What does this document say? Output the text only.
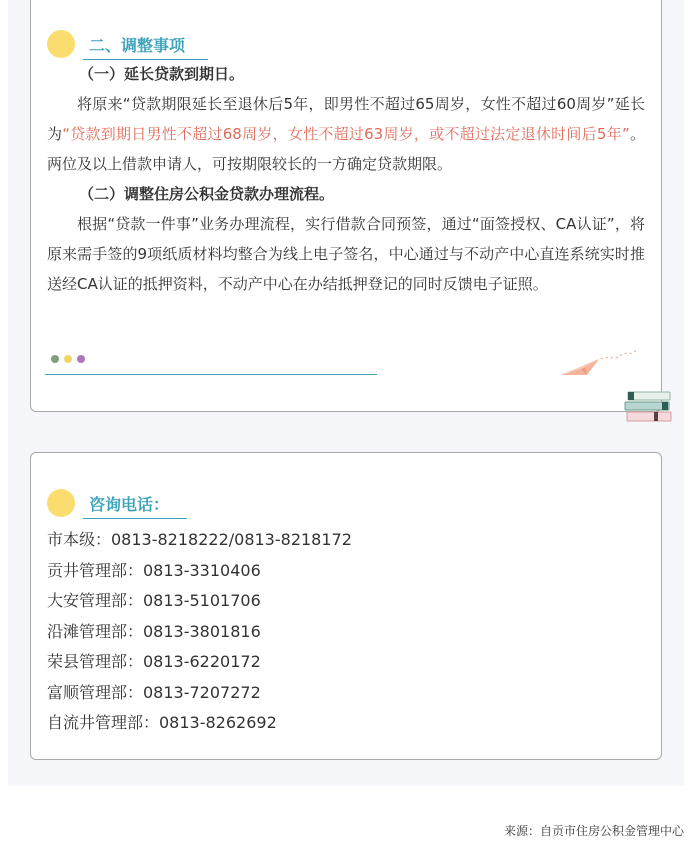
二、调整事项

（一）延长贷款到期日。

将原来“贷款期限延长至退休后5年，即男性不超过65周岁，女性不超过60周岁”延长为“贷款到期日男性不超过68周岁，女性不超过63周岁，或不超过法定退休时间后5年”。两位及以上借款申请人，可按期限较长的一方确定贷款期限。

（二）调整住房公积金贷款办理流程。

根据“贷款一件事”业务办理流程，实行借款合同预签，通过“面签授权、CA认证”，将原来需手签的9项纸质材料均整合为线上电子签名，中心通过与不动产中心直连系统实时推送经CA认证的抵押资料，不动产中心在办结抵押登记的同时反馈电子证照。

咨询电话：
市本级：0813-8218222/0813-8218172
贡井管理部：0813-3310406
大安管理部：0813-5101706
沿滩管理部：0813-3801816
荣县管理部：0813-6220172
富顺管理部：0813-7207272
自流井管理部：0813-8262692
来源：自贡市住房公积金管理中心
